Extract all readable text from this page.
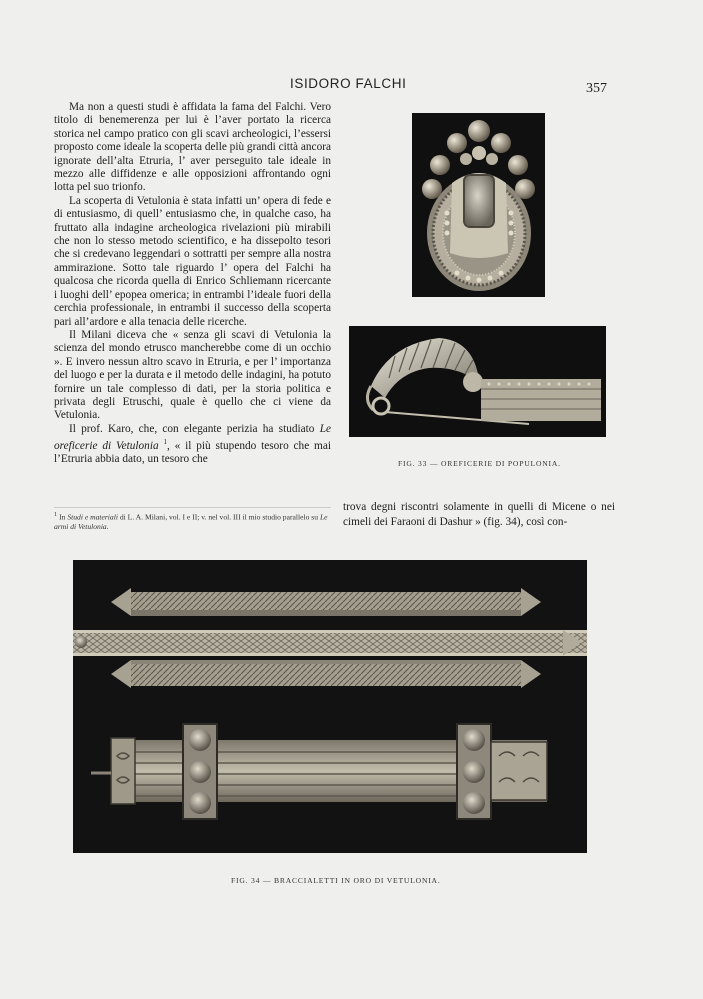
ISIDORO FALCHI	357

Ma non a questi studi è affidata la fama del Falchi. Vero titolo di benemerenza per lui è l’aver portato la ricerca storica nel campo pratico con gli scavi archeologici, l’essersi proposto come ideale la scoperta delle più grandi città ancora ignorate dell’alta Etruria, l’ aver perseguito tale ideale in mezzo alle diffidenze e alle opposizioni affrontando ogni lotta pel suo trionfo.

La scoperta di Vetulonia è stata infatti un’ opera di fede e di entusiasmo, di quell’ entusiasmo che, in qualche caso, ha fruttato alla indagine archeologica rivelazioni più mirabili che non lo stesso metodo scientifico, e ha dissepolto tesori che si credevano leggendari o sottratti per sempre alla nostra ammirazione. Sotto tale riguardo l’ opera del Falchi ha qualcosa che ricorda quella di Enrico Schliemann ricercante i luoghi dell’ epopea omerica; in entrambi l’ideale fuori della cerchia professionale, in entrambi il successo della scoperta pari all’ardore e alla tenacia delle ricerche.

Il Milani diceva che « senza gli scavi di Vetulonia la scienza del mondo etrusco mancherebbe come di un occhio ». E invero nessun altro scavo in Etruria, e per l’ importanza del luogo e per la durata e il metodo delle indagini, ha potuto fornire un tale complesso di dati, per la storia politica e privata degli Etruschi, quale è quello che ci viene da Vetulonia.

Il prof. Karo, che, con elegante perizia ha studiato Le oreficerie di Vetulonia $^1$, « il più stupendo tesoro che mai l’Etruria abbia dato, un tesoro che

$^1$ In Studi e materiali di L. A. Milani, vol. I e II; v. nel vol. III il mio studio parallelo su Le armi di Vetulonia.
FIG. 33 — OREFICERIE DI POPULONIA.
trova degni riscontri solamente in quelli di Micene o nei cimeli dei Faraoni di Dashur » (fig. 34), così con-
FIG. 34 — BRACCIALETTI IN ORO DI VETULONIA.
